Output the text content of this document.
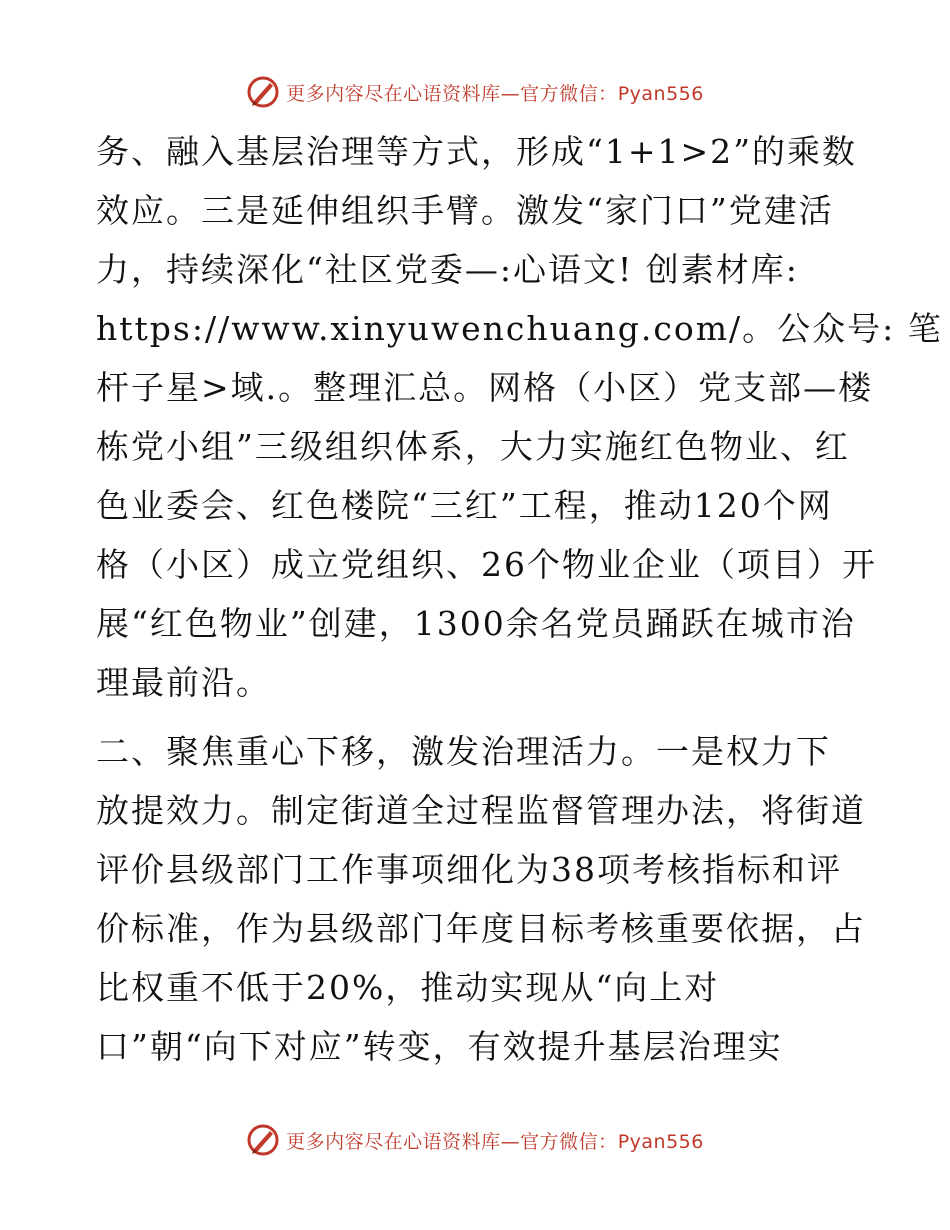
更多内容尽在心语资料库—官方微信：Pyan556
务、融入基层治理等方式，形成“1+1>2”的乘数
效应。三是延伸组织手臂。激发“家门口”党建活
力，持续深化“社区党委—:心语文! 创素材库:
https://www.xinyuwenchuang.com/。公众号: 笔
杆子星>域.。整理汇总。网格（小区）党支部—楼
栋党小组”三级组织体系，大力实施红色物业、红
色业委会、红色楼院“三红”工程，推动120个网
格（小区）成立党组织、26个物业企业（项目）开
展“红色物业”创建，1300余名党员踊跃在城市治
理最前沿。
二、聚焦重心下移，激发治理活力。一是权力下
放提效力。制定街道全过程监督管理办法，将街道
评价县级部门工作事项细化为38项考核指标和评
价标准，作为县级部门年度目标考核重要依据，占
比权重不低于20%，推动实现从“向上对
口”朝“向下对应”转变，有效提升基层治理实
更多内容尽在心语资料库—官方微信：Pyan556
